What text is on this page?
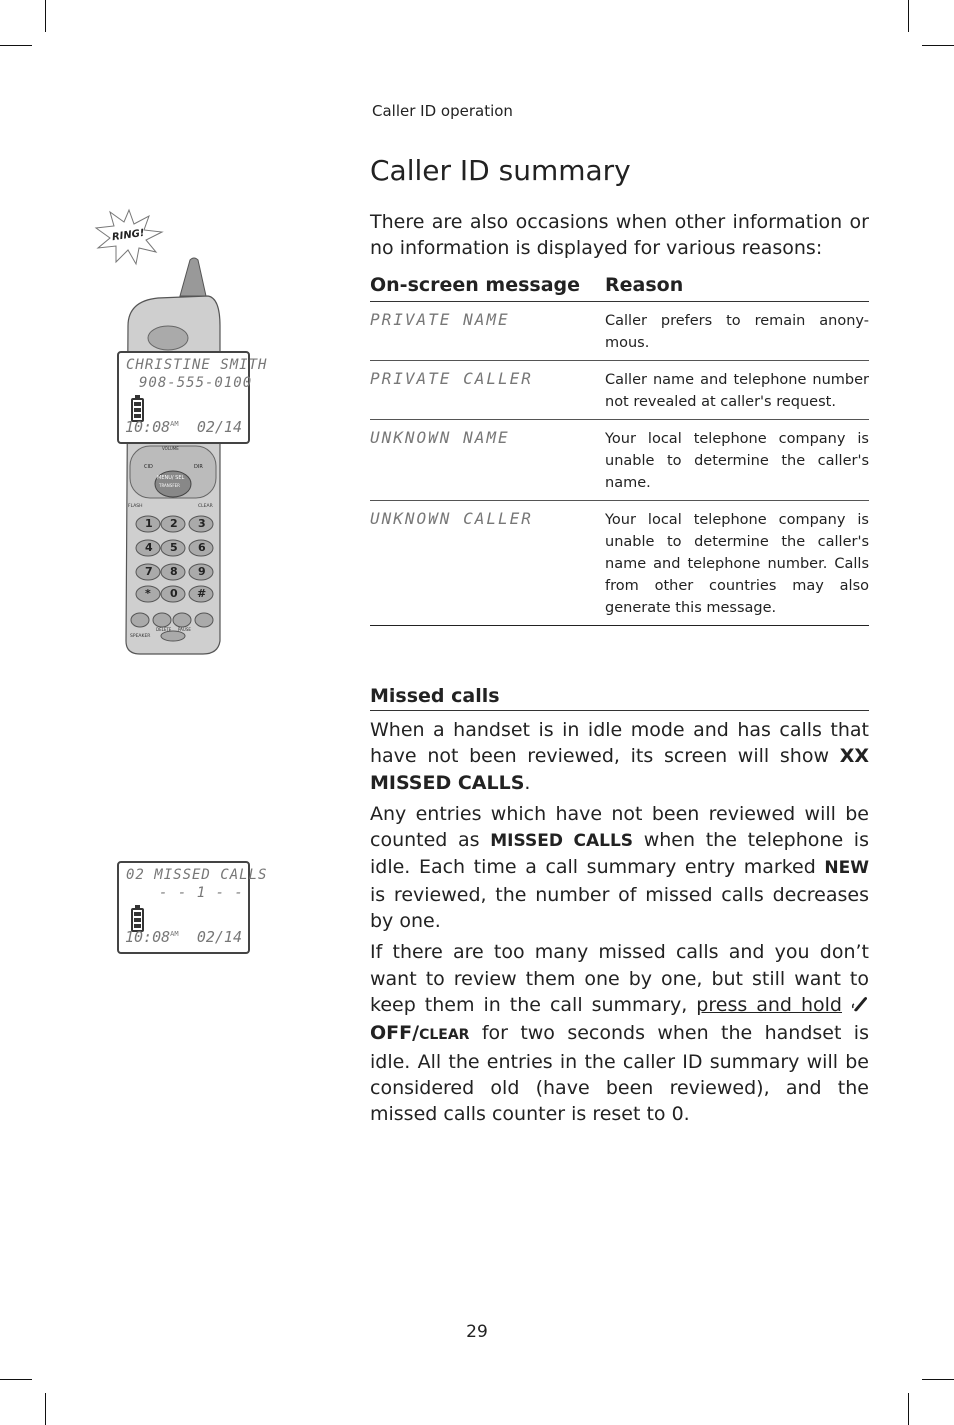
Caller ID operation
Caller ID summary
There are also occasions when other information or no information is displayed for various reasons:
On-screen message	Reason
PRIVATE NAME	Caller prefers to remain anony-mous.
PRIVATE CALLER	Caller name and telephone number not revealed at caller's request.
UNKNOWN NAME	Your local telephone company is unable to determine the caller's name.
UNKNOWN CALLER	Your local telephone company is unable to determine the caller's name and telephone number. Calls from other countries may also generate this message.
Missed calls

When a handset is in idle mode and has calls that have not been reviewed, its screen will show XX MISSED CALLS.

Any entries which have not been reviewed will be counted as MISSED CALLS when the telephone is idle. Each time a call summary entry marked NEW is reviewed, the number of missed calls decreases by one.

If there are too many missed calls and you don’t want to review them one by one, but still want to keep them in the call summary, press and hold OFF/CLEAR for two seconds when the handset is idle. All the entries in the caller ID summary will be considered old (have been reviewed), and the missed calls counter is reset to 0.

29
RING!
VOLUME
CID	DIR
MENU/ SEL
TRANSFER
FLASH	CLEAR
1 2 3
4 5 6
7 8 9
* 0 #
DELETE PAUSE
SPEAKER
CHRISTINE SMITH
908-555-0100
$10:08^{AM}$ 02/14
02 MISSED CALLS
- - 1 - -
$10:08^{AM}$ 02/14
